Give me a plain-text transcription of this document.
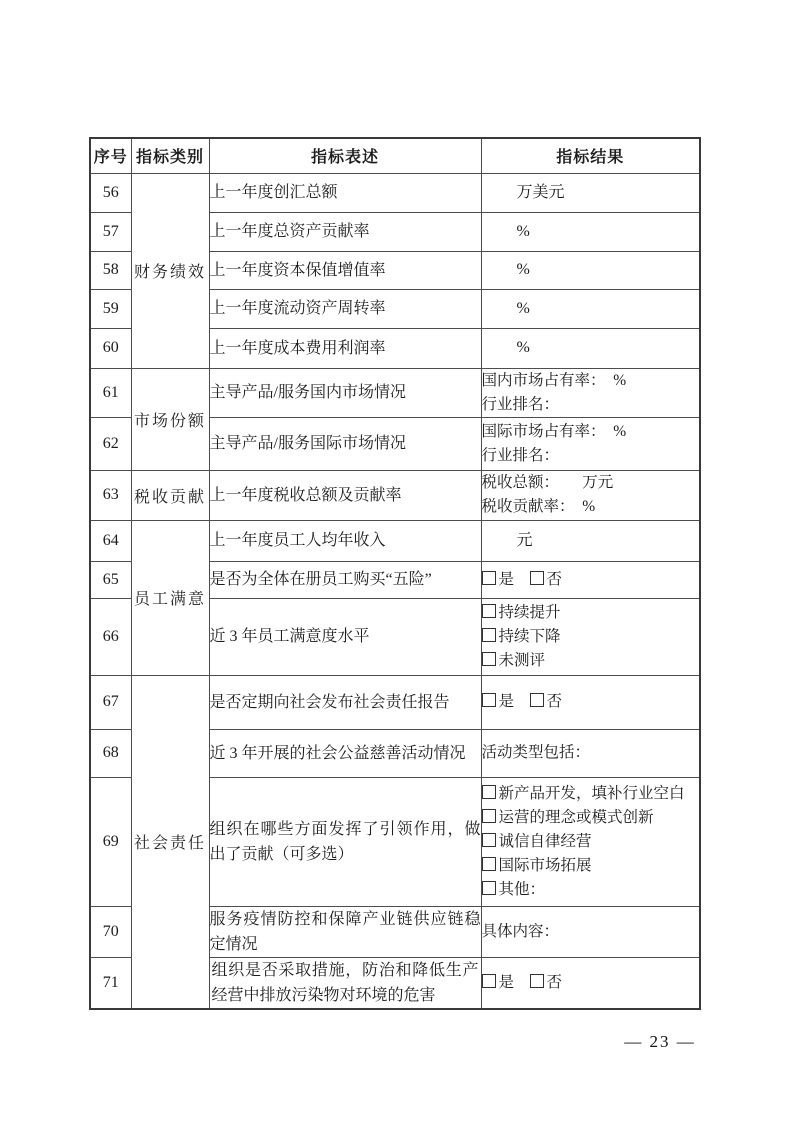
序号	指标类别	指标表述	指标结果
56	财务绩效	上一年度创汇总额	万美元

57		上一年度总资产贡献率	%

58		上一年度资本保值增值率	%

59		上一年度流动资产周转率	%

60		上一年度成本费用利润率	%

61	市场份额	主导产品/服务国内市场情况	国内市场占有率：　%
行业排名：

62		主导产品/服务国际市场情况	国际市场占有率：　%
行业排名：

63	税收贡献	上一年度税收总额及贡献率	税收总额：　　万元
税收贡献率：　%

64	员工满意	上一年度员工人均年收入	元

65		是否为全体在册员工购买“五险”	是　否

66		近 3 年员工满意度水平	持续提升
持续下降
未测评

67	社会责任	是否定期向社会发布社会责任报告	是　否

68		近 3 年开展的社会公益慈善活动情况	活动类型包括：

69		组织在哪些方面发挥了引领作用，做出了贡献（可多选）	新产品开发，填补行业空白
运营的理念或模式创新
诚信自律经营
国际市场拓展
其他：

70		服务疫情防控和保障产业链供应链稳定情况	具体内容：

71		组织是否采取措施，防治和降低生产经营中排放污染物对环境的危害	是　否
— 23 —
